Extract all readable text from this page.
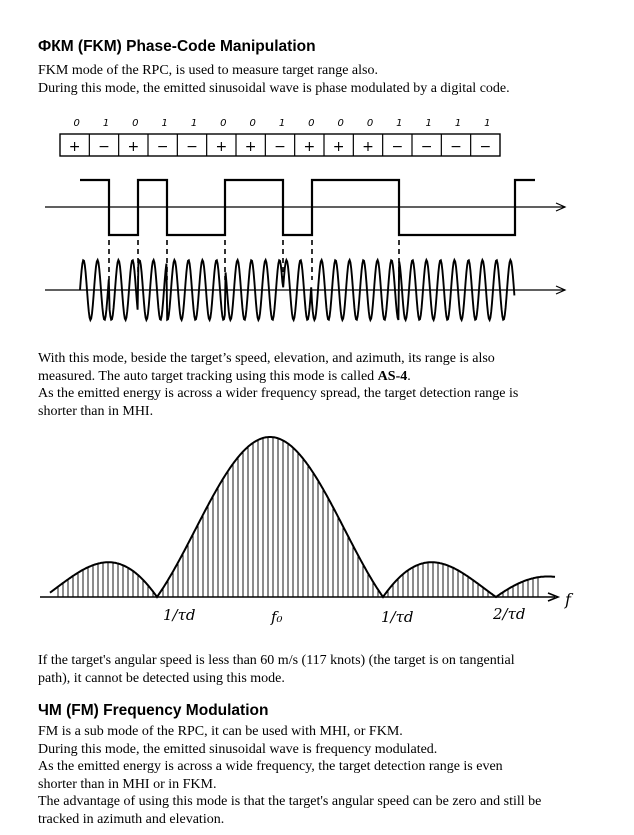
ФКМ (FKM) Phase-Code Manipulation
FKM mode of the RPC, is used to measure target range also.
During this mode, the emitted sinusoidal wave is phase modulated by a digital code.
0 1 0 1 1 0 0 1 0 0 0 1 1 1 1
+ − + − − + + − + + + − − − −
With this mode, beside the target’s speed, elevation, and azimuth, its range is also
measured. The auto target tracking using this mode is called AS-4.
As the emitted energy is across a wider frequency spread, the target detection range is
shorter than in MHI.
1/τd	f₀	1/τd	2/τd
f
If the target's angular speed is less than 60 m/s (117 knots) (the target is on tangential
path), it cannot be detected using this mode.
ЧМ (FM) Frequency Modulation
FM is a sub mode of the RPC, it can be used with MHI, or FKM.
During this mode, the emitted sinusoidal wave is frequency modulated.
As the emitted energy is across a wide frequency, the target detection range is even
shorter than in MHI or in FKM.
The advantage of using this mode is that the target's angular speed can be zero and still be
tracked in azimuth and elevation.
